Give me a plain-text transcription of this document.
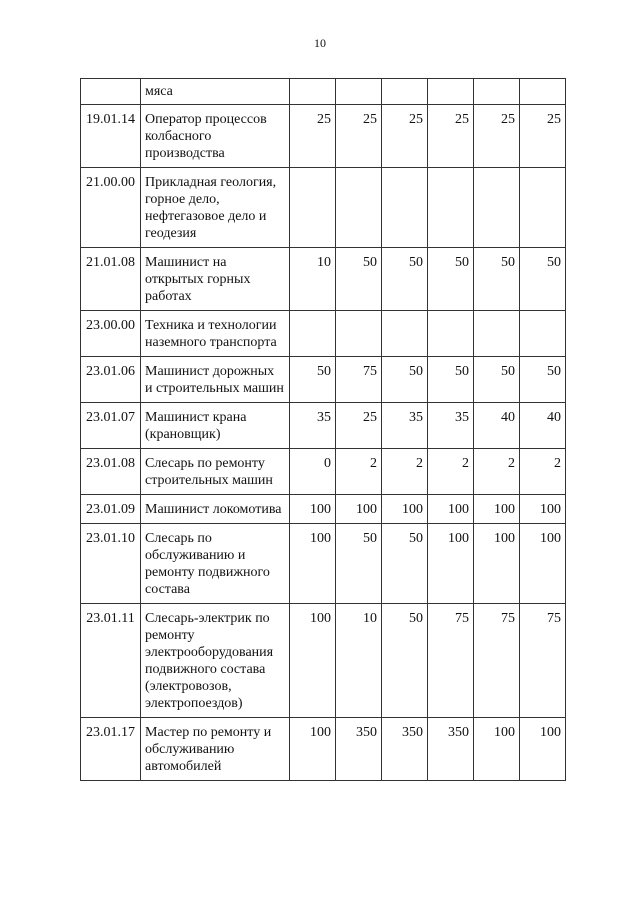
10
	мяса						
19.01.14	Оператор процессов колбасного производства	25	25	25	25	25	25
21.00.00	Прикладная геология, горное дело, нефтегазовое дело и геодезия						
21.01.08	Машинист на открытых горных работах	10	50	50	50	50	50
23.00.00	Техника и технологии наземного транспорта						
23.01.06	Машинист дорожных и строительных машин	50	75	50	50	50	50
23.01.07	Машинист крана (крановщик)	35	25	35	35	40	40
23.01.08	Слесарь по ремонту строительных машин	0	2	2	2	2	2
23.01.09	Машинист локомотива	100	100	100	100	100	100
23.01.10	Слесарь по обслуживанию и ремонту подвижного состава	100	50	50	100	100	100
23.01.11	Слесарь-электрик по ремонту электрооборудования подвижного состава (электровозов, электропоездов)	100	10	50	75	75	75
23.01.17	Мастер по ремонту и обслуживанию автомобилей	100	350	350	350	100	100
